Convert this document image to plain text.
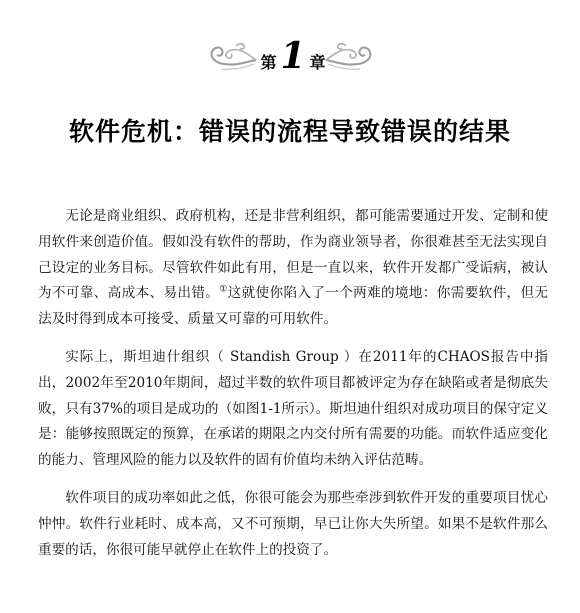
第 1 章
软件危机：错误的流程导致错误的结果

无论是商业组织、政府机构，还是非营利组织，都可能需要通过开发、定制和使用软件来创造价值。假如没有软件的帮助，作为商业领导者，你很难甚至无法实现自己设定的业务目标。尽管软件如此有用，但是一直以来，软件开发都广受诟病，被认为不可靠、高成本、易出错。①这就使你陷入了一个两难的境地：你需要软件，但无法及时得到成本可接受、质量又可靠的可用软件。

实际上，斯坦迪什组织（ Standish Group ）在2011年的CHAOS报告中指出，2002年至2010年期间，超过半数的软件项目都被评定为存在缺陷或者是彻底失败，只有37%的项目是成功的（如图1-1所示）。斯坦迪什组织对成功项目的保守定义是：能够按照既定的预算，在承诺的期限之内交付所有需要的功能。而软件适应变化的能力、管理风险的能力以及软件的固有价值均未纳入评估范畴。

软件项目的成功率如此之低，你很可能会为那些牵涉到软件开发的重要项目忧心忡忡。软件行业耗时、成本高，又不可预期，早已让你大失所望。如果不是软件那么重要的话，你很可能早就停止在软件上的投资了。
